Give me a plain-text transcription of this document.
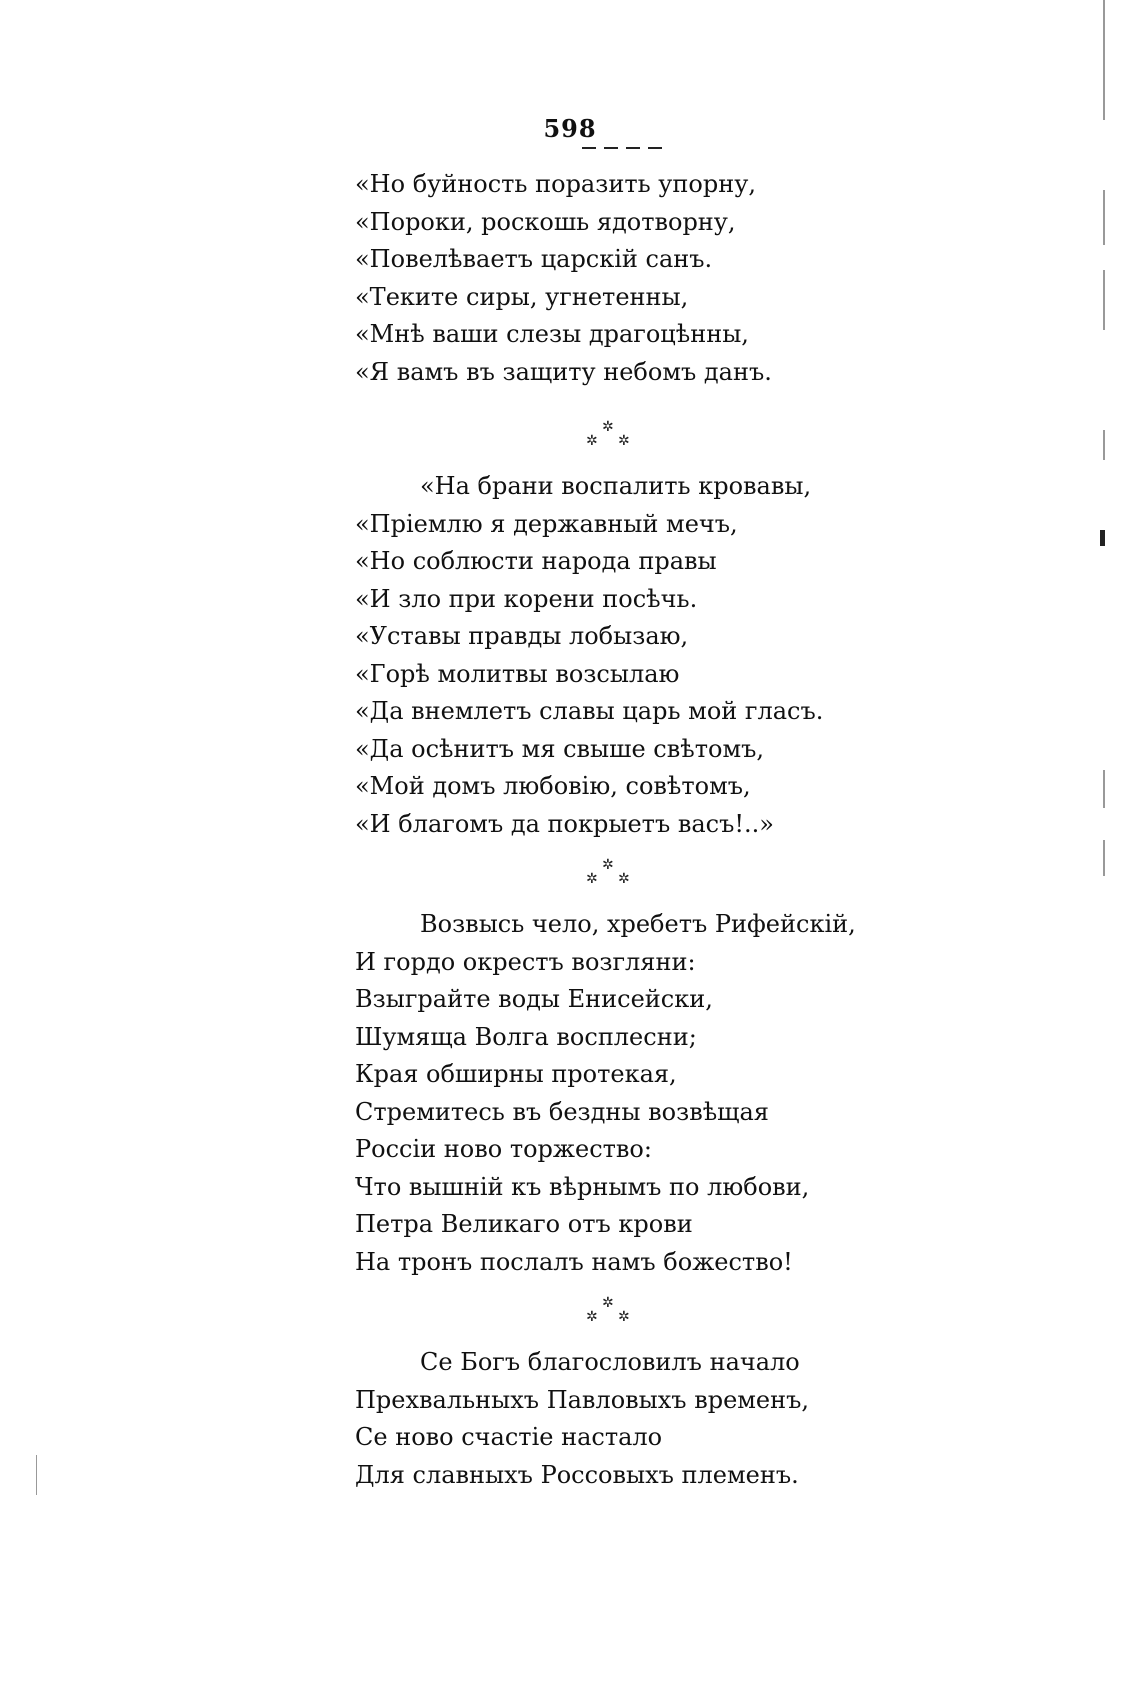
598
«Но буйность поразить упорну,
«Пороки, роскошь ядотворну,
«Повелѣваетъ царскій санъ.
«Теките сиры, угнетенны,
«Мнѣ ваши слезы драгоцѣнны,
«Я вамъ въ защиту небомъ данъ.
✲
✲ ✲
«На брани воспалить кровавы,
«Пріемлю я державный мечъ,
«Но соблюсти народа правы
«И зло при корени посѣчь.
«Уставы правды лобызаю,
«Горѣ молитвы возсылаю
«Да внемлетъ славы царь мой гласъ.
«Да осѣнитъ мя свыше свѣтомъ,
«Мой домъ любовію, совѣтомъ,
«И благомъ да покрыетъ васъ!..»
✲
✲ ✲
Возвысь чело, хребетъ Рифейскій,
И гордо окрестъ возгляни:
Взыграйте воды Енисейски,
Шумяща Волга восплесни;
Края обширны протекая,
Стремитесь въ бездны возвѣщая
Россіи ново торжество:
Что вышній къ вѣрнымъ по любови,
Петра Великаго отъ крови
На тронъ послалъ намъ божество!
✲
✲ ✲
Се Богъ благословилъ начало
Прехвальныхъ Павловыхъ временъ,
Се ново счастіе настало
Для славныхъ Россовыхъ племенъ.
